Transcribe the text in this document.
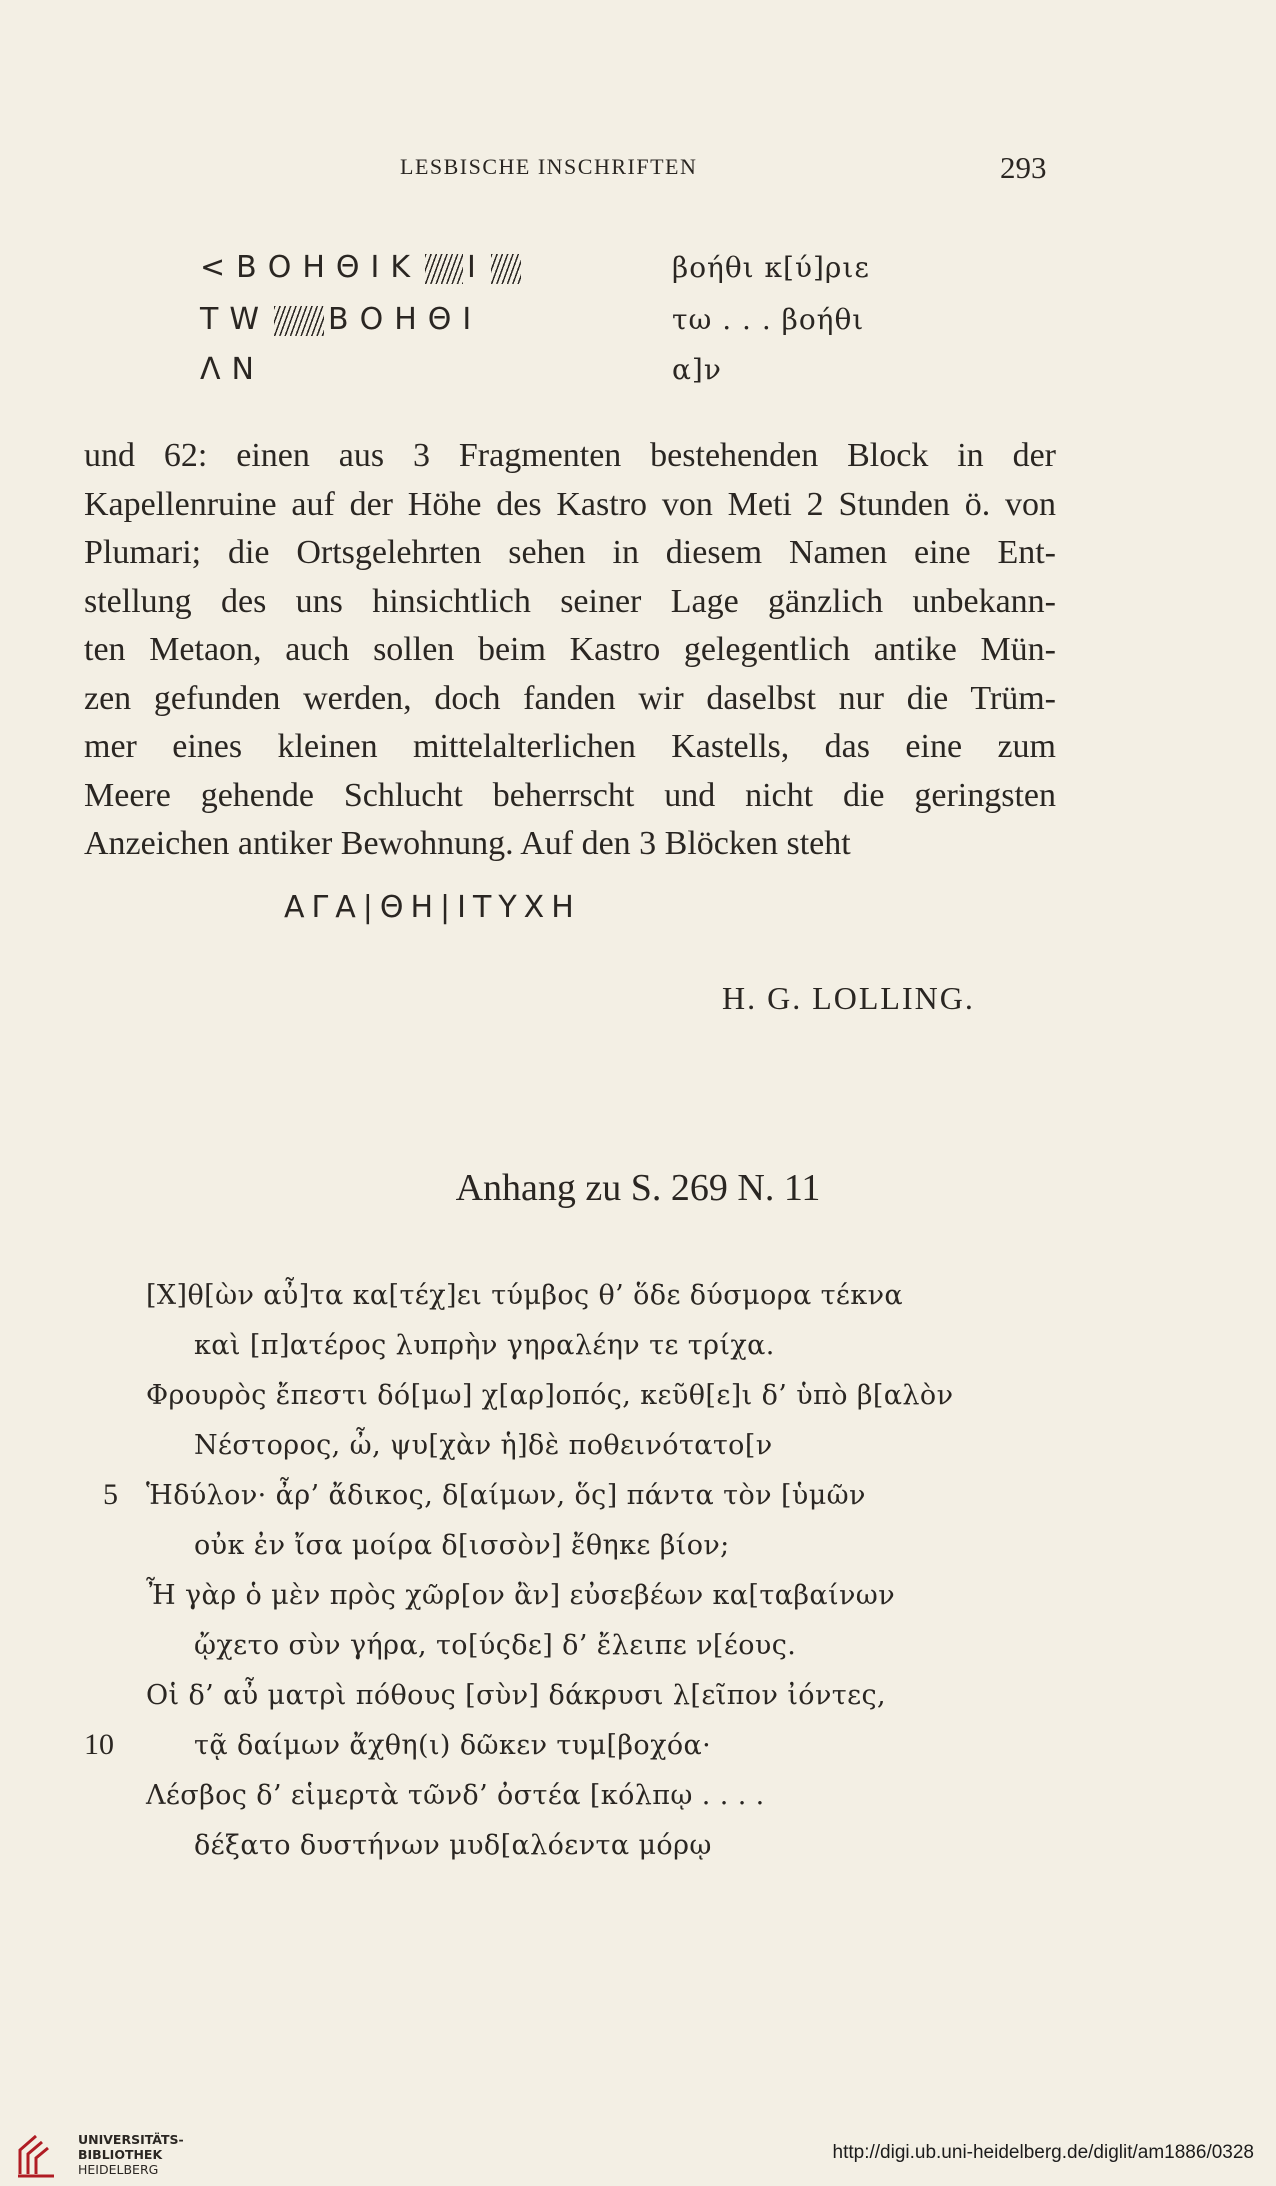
LESBISCHE INSCHRIFTEN	293
<ΒΟΗΘΙΚ Ι
ΤW ΒΟΗΘΙ
ΛΝ
βοήθι κ[ύ]ριε
τω . . . βοήθι
α]ν
und 62: einen aus 3 Fragmenten bestehenden Block in der
Kapellenruine auf der Höhe des Kastro von Meti 2 Stunden ö. von
Plumari; die Ortsgelehrten sehen in diesem Namen eine Ent-
stellung des uns hinsichtlich seiner Lage gänzlich unbekann-
ten Metaon, auch sollen beim Kastro gelegentlich antike Mün-
zen gefunden werden, doch fanden wir daselbst nur die Trüm-
mer eines kleinen mittelalterlichen Kastells, das eine zum
Meere gehende Schlucht beherrscht und nicht die geringsten
Anzeichen antiker Bewohnung. Auf den 3 Blöcken steht
ΑΓΑ|ΘΗ|ΙΤΥΧΗ
H. G. LOLLING.
Anhang zu S. 269 N. 11
[Χ]θ[ὼν αὖ]τα κα[τέχ]ει τύμβος θ’ ὅδε δύσμορα τέκνα
καὶ [π]ατέρος λυπρὴν γηραλέην τε τρίχα.
Φρουρὸς ἔπεστι δό[μω] χ[αρ]οπός, κεῦθ[ε]ι δ’ ὑπὸ β[αλὸν
Νέστορος, ὦ, ψυ[χὰν ἡ]δὲ ποθεινότατο[ν
5 Ἡδύλον· ἆρ’ ἄδικος, δ[αίμων, ὅς] πάντα τὸν [ὑμῶν
οὐκ ἐν ἴσα μοίρα δ[ισσὸν] ἔθηκε βίον;
Ἦ γὰρ ὁ μὲν πρὸς χῶρ[ον ἂν] εὐσεβέων κα[ταβαίνων
ᾤχετο σὺν γήρα, το[ύςδε] δ’ ἔλειπε ν[έους.
Οἱ δ’ αὖ ματρὶ πόθους [σὺν] δάκρυσι λ[εῖπον ἰόντες,
10	τᾷ δαίμων ἄχθη(ι) δῶκεν τυμ[βοχόα·
Λέσβος δ’ εἱμερτὰ τῶνδ’ ὀστέα [κόλπῳ . . . .
δέξατο δυστήνων μυδ[αλόεντα μόρῳ
UNIVERSITÄTS-
BIBLIOTHEK
HEIDELBERG
http://digi.ub.uni-heidelberg.de/diglit/am1886/0328
